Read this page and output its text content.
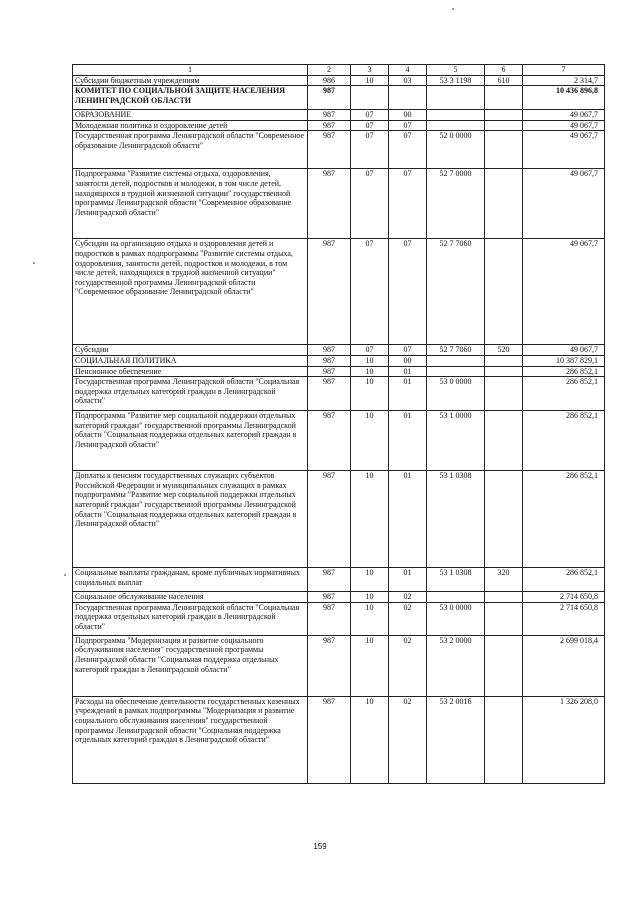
1	2	3	4	5	6	7
Субсидии бюджетным учреждениям	986	10	03	53 3 1198	610	2 314,7
КОМИТЕТ ПО СОЦИАЛЬНОЙ ЗАЩИТЕ НАСЕЛЕНИЯ ЛЕНИНГРАДСКОЙ ОБЛАСТИ	987					10 436 896,8
ОБРАЗОВАНИЕ	987	07	00			49 067,7
Молодежная политика и оздоровление детей	987	07	07			49 067,7
Государственная программа Ленинградской области "Современное образование Ленинградской области"	987	07	07	52 0 0000		49 067,7
Подпрограмма "Развитие системы отдыха, оздоровления, занятости детей, подростков и молодежи, в том числе детей, находящихся в трудной жизненной ситуации" государственной программы Ленинградской области "Современное образование Ленинградской области"	987	07	07	52 7 0000		49 067,7
Субсидии на организацию отдыха и оздоровления детей и подростков в рамках подпрограммы "Развитие системы отдыха, оздоровления, занятости детей, подростков и молодежи, в том числе детей, находящихся в трудной жизненной ситуации" государственной программы Ленинградской области "Современное образование Ленинградской области"	987	07	07	52 7 7060		49 067,7
Субсидии	987	07	07	52 7 7060	520	49 067,7
СОЦИАЛЬНАЯ ПОЛИТИКА	987	10	00			10 387 829,1
Пенсионное обеспечение	987	10	01			286 852,1
Государственная программа Ленинградской области "Социальная поддержка отдельных категорий граждан в Ленинградской области"	987	10	01	53 0 0000		286 852,1
Подпрограмма "Развитие мер социальной поддержки отдельных категорий граждан" государственной программы Ленинградской области "Социальная поддержка отдельных категорий граждан в Ленинградской области"	987	10	01	53 1 0000		286 852,1
Доплаты к пенсиям государственных служащих субъектов Российской Федерации и муниципальных служащих в рамках подпрограммы "Развитие мер социальной поддержки отдельных категорий граждан" государственной программы Ленинградской области "Социальная поддержка отдельных категорий граждан в Ленинградской области"	987	10	01	53 1 0308		286 852,1
Социальные выплаты гражданам, кроме публичных нормативных социальных выплат	987	10	01	53 1 0308	320	286 852,1
Социальное обслуживание населения	987	10	02			2 714 650,8
Государственная программа Ленинградской области "Социальная поддержка отдельных категорий граждан в Ленинградской области"	987	10	02	53 0 0000		2 714 650,8
Подпрограмма "Модернизация и развитие социального обслуживания населения" государственной программы Ленинградской области "Социальная поддержка отдельных категорий граждан в Ленинградской области"	987	10	02	53 2 0000		2 699 018,4
Расходы на обеспечение деятельности государственных казенных учреждений в рамках подпрограммы "Модернизация и развитие социального обслуживания населения" государственной программы Ленинградской области "Социальная поддержка отдельных категорий граждан в Ленинградской области"	987	10	02	53 2 0016		1 326 208,0
159
